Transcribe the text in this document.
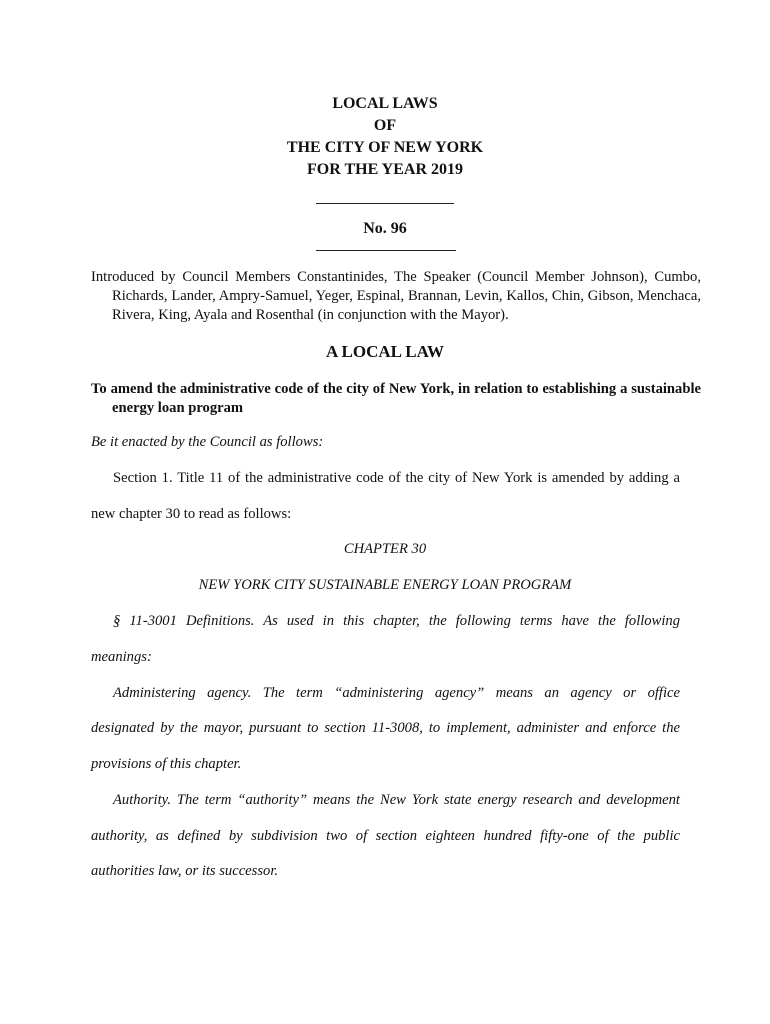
LOCAL LAWS
OF
THE CITY OF NEW YORK
FOR THE YEAR 2019
No. 96
Introduced by Council Members Constantinides, The Speaker (Council Member Johnson), Cumbo, Richards, Lander, Ampry-Samuel, Yeger, Espinal, Brannan, Levin, Kallos, Chin, Gibson, Menchaca, Rivera, King, Ayala and Rosenthal (in conjunction with the Mayor).
A LOCAL LAW
To amend the administrative code of the city of New York, in relation to establishing a sustainable energy loan program
Be it enacted by the Council as follows:
Section 1. Title 11 of the administrative code of the city of New York is amended by adding a
new chapter 30 to read as follows:
CHAPTER 30
NEW YORK CITY SUSTAINABLE ENERGY LOAN PROGRAM
§ 11-3001 Definitions. As used in this chapter, the following terms have the following
meanings:
Administering agency. The term “administering agency” means an agency or office
designated by the mayor, pursuant to section 11-3008, to implement, administer and enforce the
provisions of this chapter.
Authority. The term “authority” means the New York state energy research and development
authority, as defined by subdivision two of section eighteen hundred fifty-one of the public
authorities law, or its successor.
